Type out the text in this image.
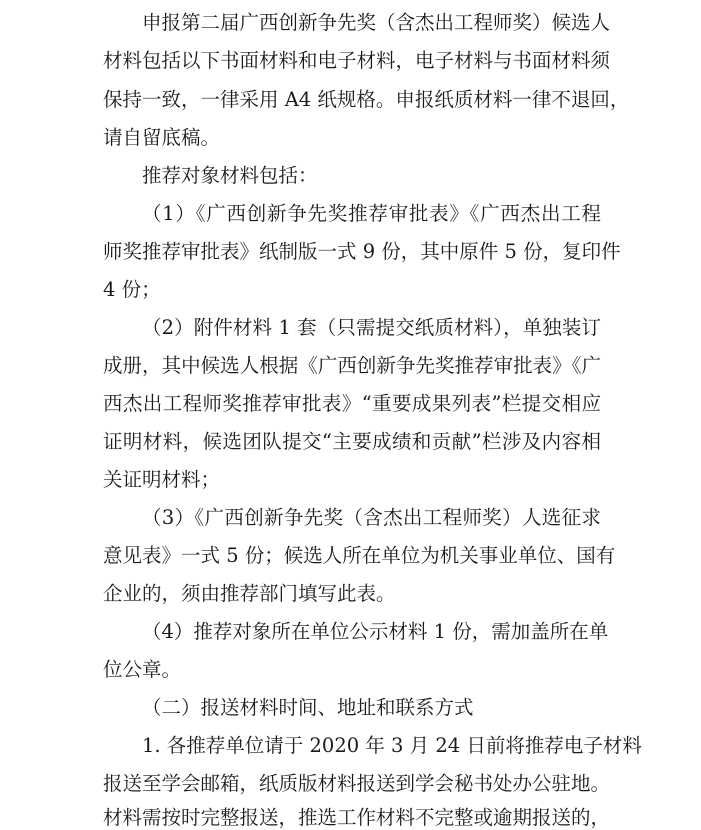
申报第二届广西创新争先奖（含杰出工程师奖）候选人
材料包括以下书面材料和电子材料，电子材料与书面材料须
保持一致，一律采用 A4 纸规格。申报纸质材料一律不退回，
请自留底稿。
推荐对象材料包括：
（1）《广西创新争先奖推荐审批表》《广西杰出工程
师奖推荐审批表》纸制版一式 9 份，其中原件 5 份，复印件
4 份；
（2）附件材料 1 套（只需提交纸质材料），单独装订
成册，其中候选人根据《广西创新争先奖推荐审批表》《广
西杰出工程师奖推荐审批表》“重要成果列表”栏提交相应
证明材料，候选团队提交“主要成绩和贡献”栏涉及内容相
关证明材料；
（3）《广西创新争先奖（含杰出工程师奖）人选征求
意见表》一式 5 份；候选人所在单位为机关事业单位、国有
企业的，须由推荐部门填写此表。
（4）推荐对象所在单位公示材料 1 份，需加盖所在单
位公章。
（二）报送材料时间、地址和联系方式
1. 各推荐单位请于 2020 年 3 月 24 日前将推荐电子材料
报送至学会邮箱，纸质版材料报送到学会秘书处办公驻地。
材料需按时完整报送，推选工作材料不完整或逾期报送的，
